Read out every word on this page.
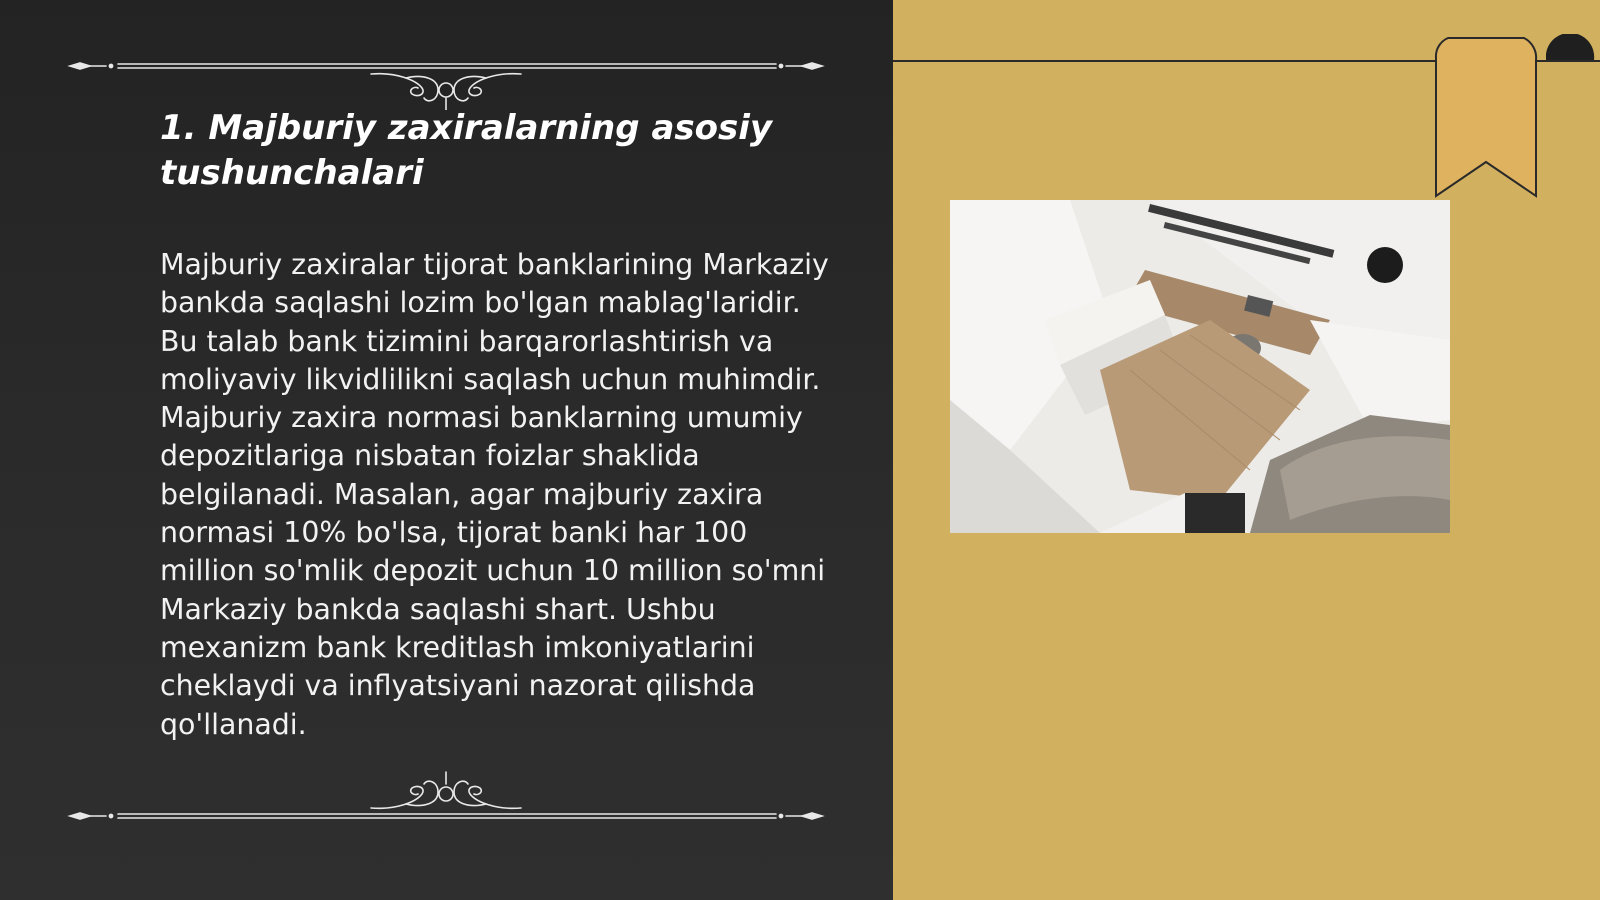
1. Majburiy zaxiralarning asosiy tushunchalari

Majburiy zaxiralar tijorat banklarining Markaziy bankda saqlashi lozim bo'lgan mablag'laridir. Bu talab bank tizimini barqarorlashtirish va moliyaviy likvidlilikni saqlash uchun muhimdir. Majburiy zaxira normasi banklarning umumiy depozitlariga nisbatan foizlar shaklida belgilanadi. Masalan, agar majburiy zaxira normasi 10% bo'lsa, tijorat banki har 100 million so'mlik depozit uchun 10 million so'mni Markaziy bankda saqlashi shart. Ushbu mexanizm bank kreditlash imkoniyatlarini cheklaydi va inflyatsiyani nazorat qilishda qo'llanadi.
